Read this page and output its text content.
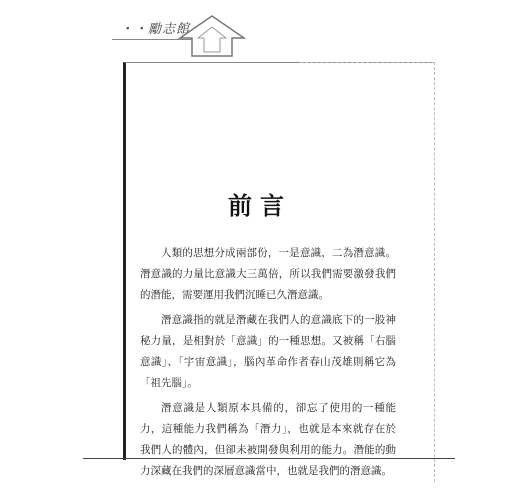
・・勵志館
前言

人類的思想分成兩部份，一是意識，二為潛意識。潛意識的力量比意識大三萬倍，所以我們需要激發我們的潛能，需要運用我們沉睡已久潛意識。

潛意識指的就是潛藏在我們人的意識底下的一股神秘力量，是相對於「意識」的一種思想。又被稱「右腦意識」、「宇宙意識」，腦內革命作者春山茂雄則稱它為「祖先腦」。

潛意識是人類原本具備的，卻忘了使用的一種能力，這種能力我們稱為「潛力」，也就是本來就存在於我們人的體內，但卻未被開發與利用的能力。潛能的動力深藏在我們的深層意識當中，也就是我們的潛意識。
